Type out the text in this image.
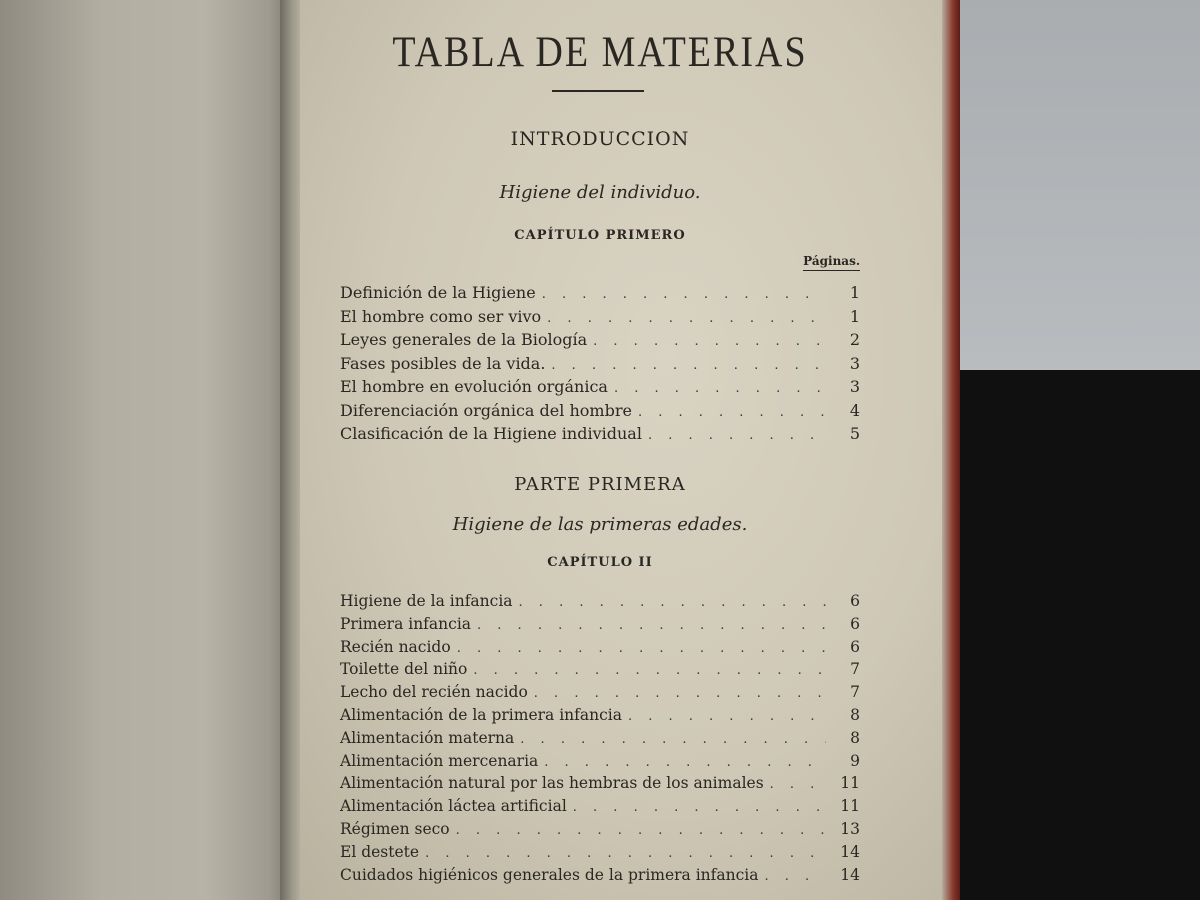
TABLA DE MATERIAS
INTRODUCCION
Higiene del individuo.
CAPÍTULO PRIMERO
Páginas.
Definición de la Higiene . . .	1
El hombre como ser vivo . . .	1
Leyes generales de la Biología . . .	2
Fases posibles de la vida. . . .	3
El hombre en evolución orgánica . . .	3
Diferenciación orgánica del hombre . . .	4
Clasificación de la Higiene individual . . .	5
PARTE PRIMERA
Higiene de las primeras edades.
CAPÍTULO II
Higiene de la infancia . . .	6
Primera infancia . . .	6
Recién nacido . . .	6
Toilette del niño . . .	7
Lecho del recién nacido . . .	7
Alimentación de la primera infancia . . .	8
Alimentación materna . . .	8
Alimentación mercenaria . . .	9
Alimentación natural por las hembras de los animales . . .	11
Alimentación láctea artificial . . .	11
Régimen seco . . .	13
El destete . . .	14
Cuidados higiénicos generales de la primera infancia . . .	14
